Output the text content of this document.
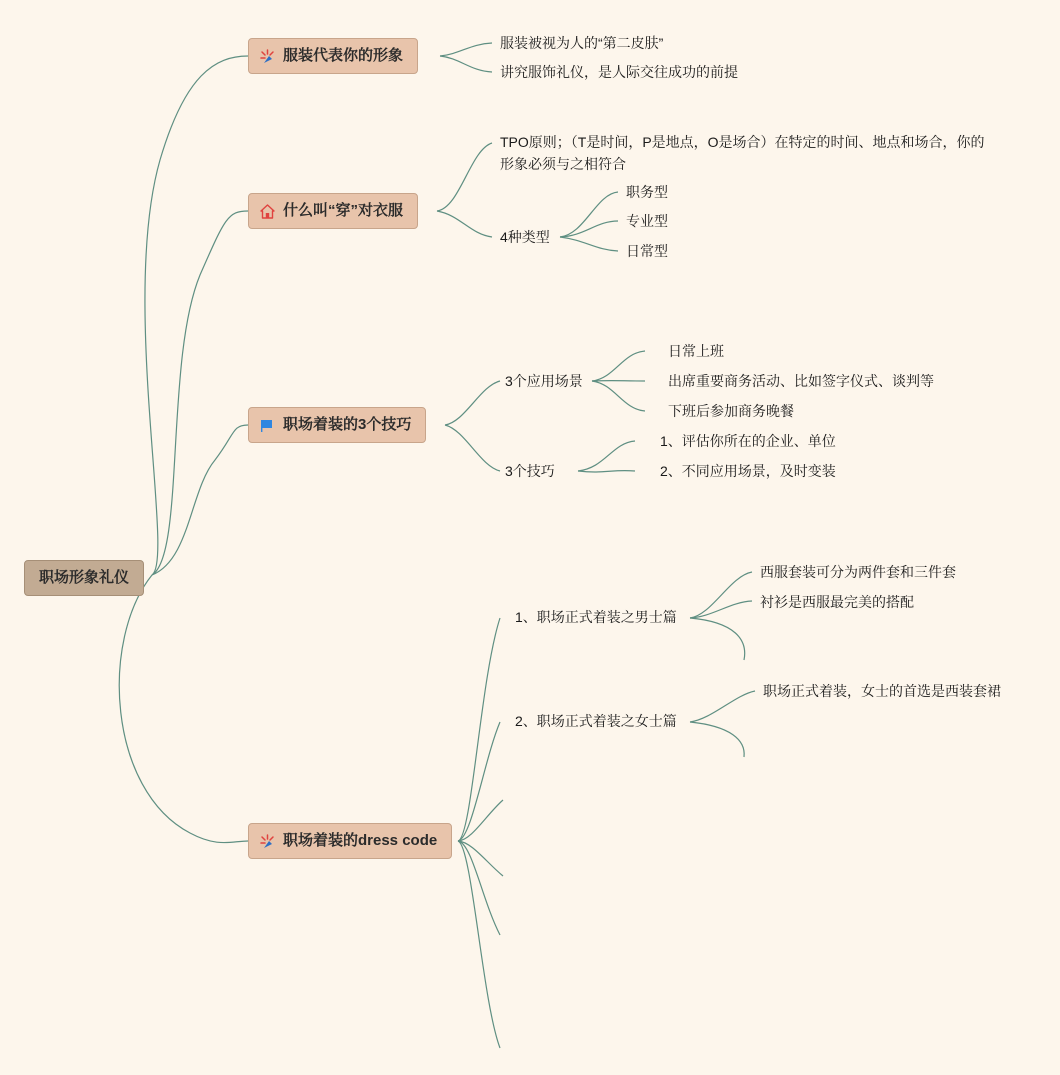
职场形象礼仪
服装代表你的形象
服装被视为人的“第二皮肤”
讲究服饰礼仪，是人际交往成功的前提
什么叫“穿”对衣服
TPO原则；（T是时间，P是地点，O是场合）在特定的时间、地点和场合，你的形象必须与之相符合
4种类型
职务型
专业型
日常型
职场着装的3个技巧
3个应用场景
日常上班
出席重要商务活动、比如签字仪式、谈判等
下班后参加商务晚餐
3个技巧
1、评估你所在的企业、单位
2、不同应用场景，及时变装
职场着装的dress code
1、职场正式着装之男士篇
西服套装可分为两件套和三件套
衬衫是西服最完美的搭配
2、职场正式着装之女士篇
职场正式着装，女士的首选是西装套裙
